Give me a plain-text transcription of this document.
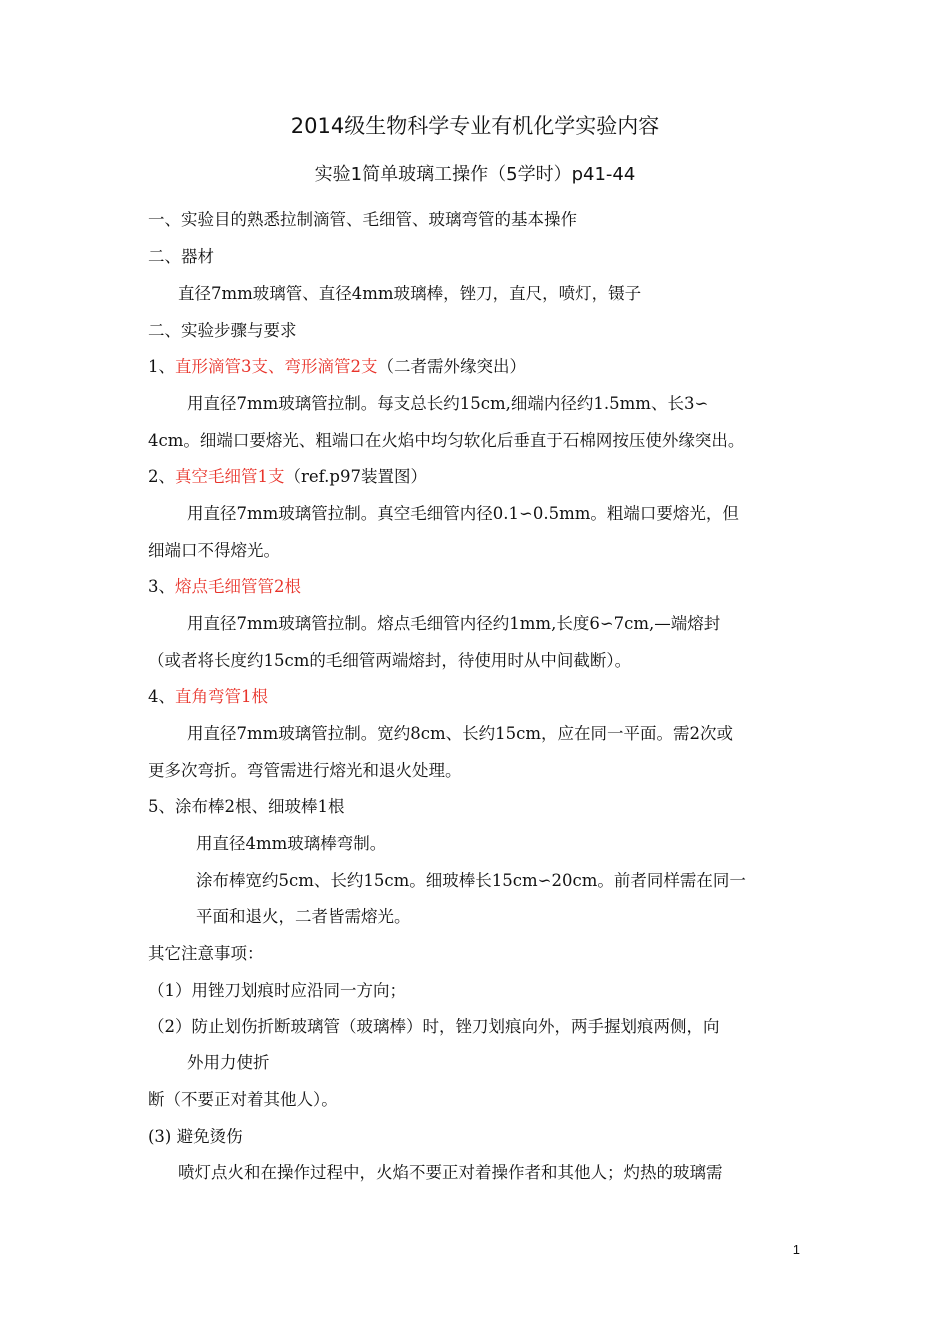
2014级生物科学专业有机化学实验内容
实验1简单玻璃工操作（5学时）p41-44
一、实验目的熟悉拉制滴管、毛细管、玻璃弯管的基本操作
二、器材
直径7mm玻璃管、直径4mm玻璃棒，锉刀，直尺，喷灯，镊子
二、实验步骤与要求
1、直形滴管3支、弯形滴管2支（二者需外缘突出）
用直径7mm玻璃管拉制。每支总长约15cm,细端内径约1.5mm、长3∽
4cm。细端口要熔光、粗端口在火焰中均匀软化后垂直于石棉网按压使外缘突出。
2、真空毛细管1支（ref.p97装置图）
用直径7mm玻璃管拉制。真空毛细管内径0.1∽0.5mm。粗端口要熔光，但
细端口不得熔光。
3、熔点毛细管管2根
用直径7mm玻璃管拉制。熔点毛细管内径约1mm,长度6∽7cm,—端熔封
（或者将长度约15cm的毛细管两端熔封，待使用时从中间截断）。
4、直角弯管1根
用直径7mm玻璃管拉制。宽约8cm、长约15cm，应在同一平面。需2次或
更多次弯折。弯管需进行熔光和退火处理。
5、涂布棒2根、细玻棒1根
用直径4mm玻璃棒弯制。
涂布棒宽约5cm、长约15cm。细玻棒长15cm∽20cm。前者同样需在同一
平面和退火，二者皆需熔光。
其它注意事项：
（1）用锉刀划痕时应沿同一方向；
（2）防止划伤折断玻璃管（玻璃棒）时，锉刀划痕向外，两手握划痕两侧，向
外用力使折
断（不要正对着其他人）。
(3) 避免烫伤
喷灯点火和在操作过程中，火焰不要正对着操作者和其他人；灼热的玻璃需
1
